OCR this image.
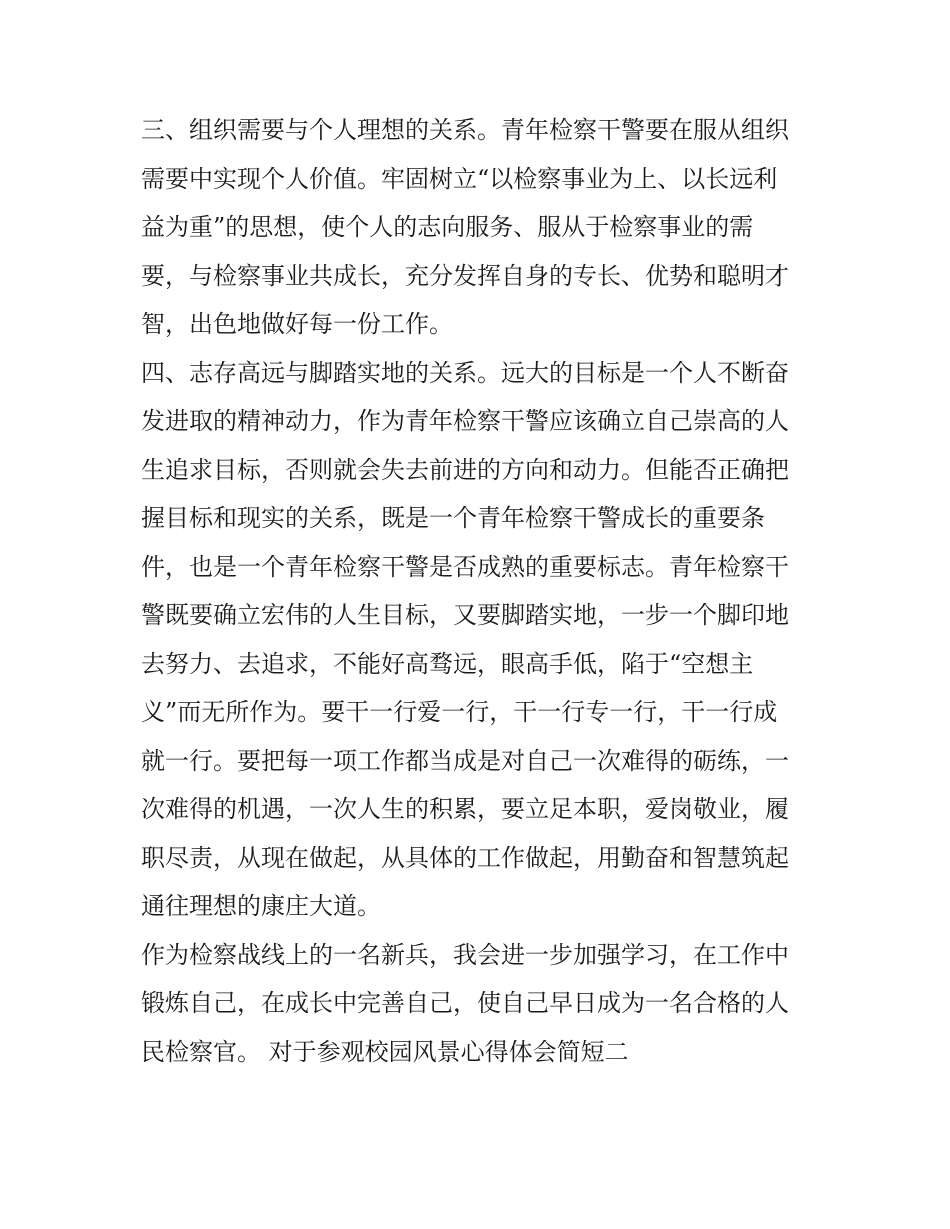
三、组织需要与个人理想的关系。青年检察干警要在服从组织
需要中实现个人价值。牢固树立“以检察事业为上、以长远利
益为重”的思想，使个人的志向服务、服从于检察事业的需
要，与检察事业共成长，充分发挥自身的专长、优势和聪明才
智，出色地做好每一份工作。
四、志存高远与脚踏实地的关系。远大的目标是一个人不断奋
发进取的精神动力，作为青年检察干警应该确立自己崇高的人
生追求目标，否则就会失去前进的方向和动力。但能否正确把
握目标和现实的关系，既是一个青年检察干警成长的重要条
件，也是一个青年检察干警是否成熟的重要标志。青年检察干
警既要确立宏伟的人生目标，又要脚踏实地，一步一个脚印地
去努力、去追求，不能好高骛远，眼高手低，陷于“空想主
义”而无所作为。要干一行爱一行，干一行专一行，干一行成
就一行。要把每一项工作都当成是对自己一次难得的砺练，一
次难得的机遇，一次人生的积累，要立足本职，爱岗敬业，履
职尽责，从现在做起，从具体的工作做起，用勤奋和智慧筑起
通往理想的康庄大道。
作为检察战线上的一名新兵，我会进一步加强学习，在工作中
锻炼自己，在成长中完善自己，使自己早日成为一名合格的人
民检察官。 对于参观校园风景心得体会简短二
